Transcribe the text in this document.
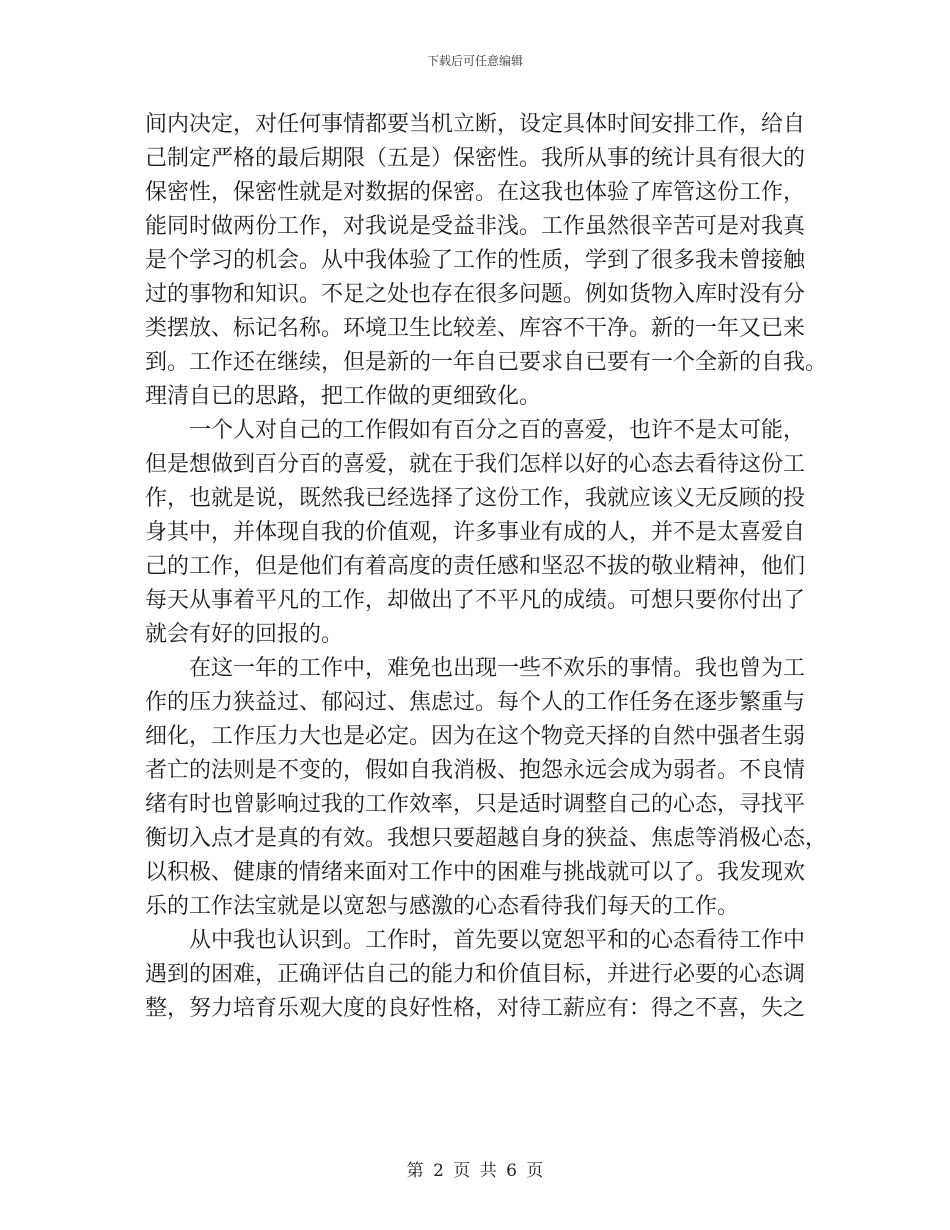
下载后可任意编辑
间内决定，对任何事情都要当机立断，设定具体时间安排工作，给自
己制定严格的最后期限（五是）保密性。我所从事的统计具有很大的
保密性，保密性就是对数据的保密。在这我也体验了库管这份工作，
能同时做两份工作，对我说是受益非浅。工作虽然很辛苦可是对我真
是个学习的机会。从中我体验了工作的性质，学到了很多我未曾接触
过的事物和知识。不足之处也存在很多问题。例如货物入库时没有分
类摆放、标记名称。环境卫生比较差、库容不干净。新的一年又已来
到。工作还在继续，但是新的一年自已要求自已要有一个全新的自我。
理清自已的思路，把工作做的更细致化。
　　一个人对自己的工作假如有百分之百的喜爱，也许不是太可能，
但是想做到百分百的喜爱，就在于我们怎样以好的心态去看待这份工
作，也就是说，既然我已经选择了这份工作，我就应该义无反顾的投
身其中，并体现自我的价值观，许多事业有成的人，并不是太喜爱自
己的工作，但是他们有着高度的责任感和坚忍不拔的敬业精神，他们
每天从事着平凡的工作，却做出了不平凡的成绩。可想只要你付出了
就会有好的回报的。
　　在这一年的工作中，难免也出现一些不欢乐的事情。我也曾为工
作的压力狭益过、郁闷过、焦虑过。每个人的工作任务在逐步繁重与
细化，工作压力大也是必定。因为在这个物竞天择的自然中强者生弱
者亡的法则是不变的，假如自我消极、抱怨永远会成为弱者。不良情
绪有时也曾影响过我的工作效率，只是适时调整自己的心态，寻找平
衡切入点才是真的有效。我想只要超越自身的狭益、焦虑等消极心态，
以积极、健康的情绪来面对工作中的困难与挑战就可以了。我发现欢
乐的工作法宝就是以宽恕与感激的心态看待我们每天的工作。
　　从中我也认识到。工作时，首先要以宽恕平和的心态看待工作中
遇到的困难，正确评估自己的能力和价值目标，并进行必要的心态调
整，努力培育乐观大度的良好性格，对待工薪应有：得之不喜，失之
第 2 页 共 6 页
